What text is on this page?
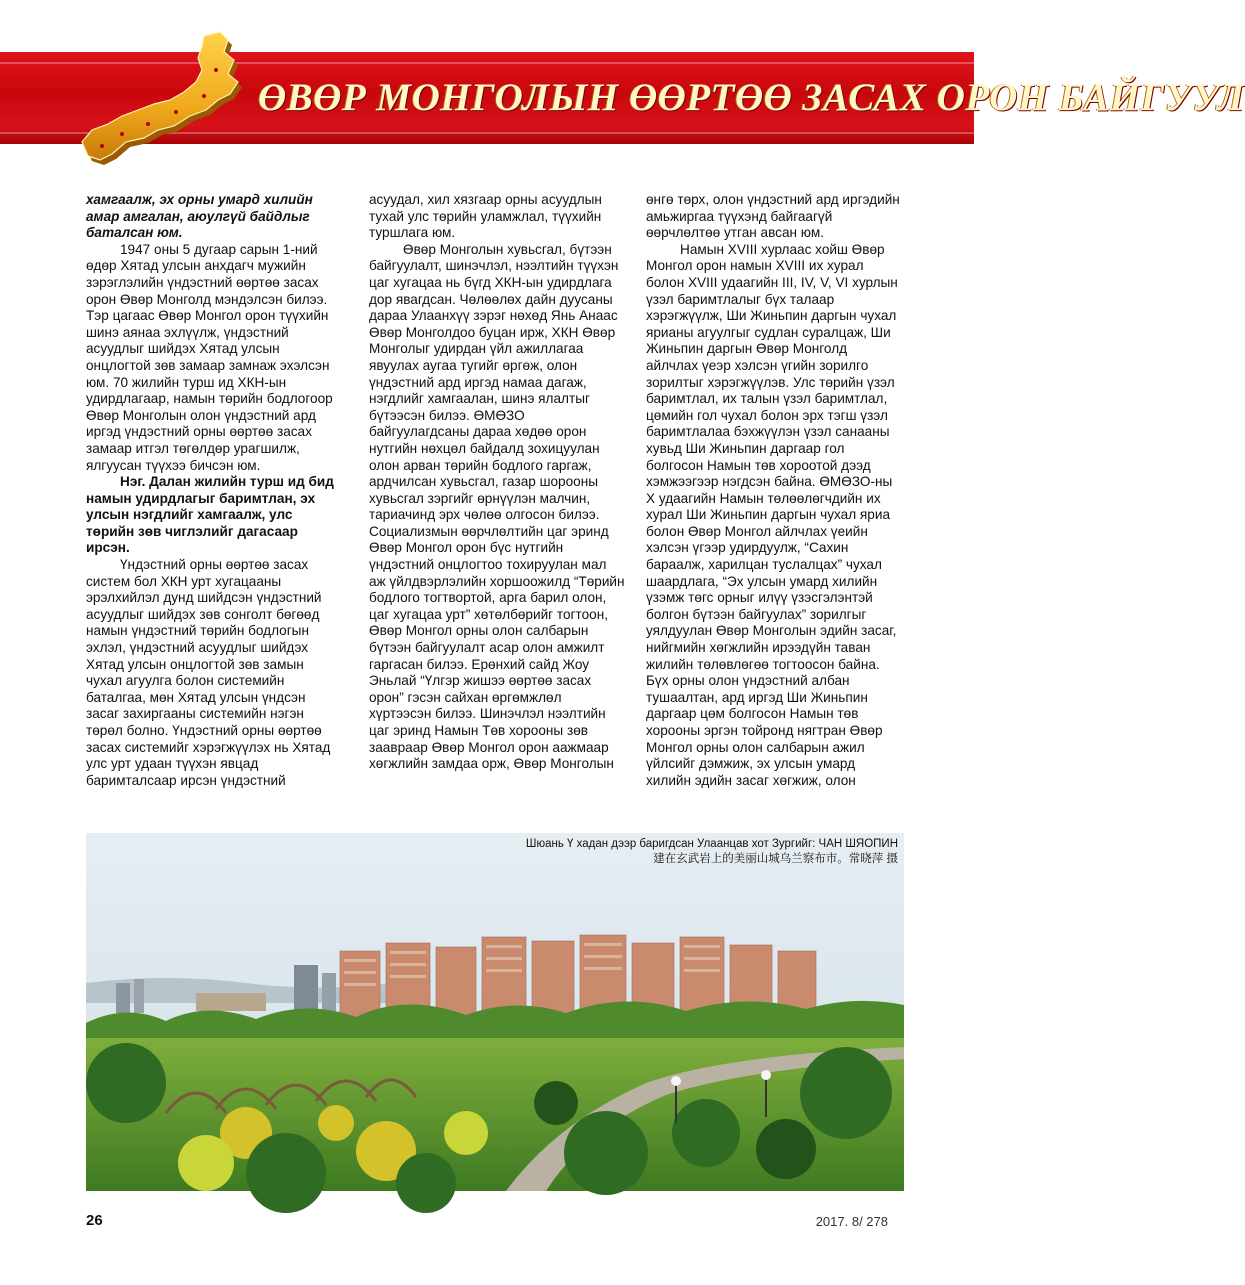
ӨВӨР МОНГОЛЫН ӨӨРТӨӨ ЗАСАХ ОРОН БАЙГУУЛ

хамгаалж, эх орны умард хилийн амар амгалан, аюулгүй байдлыг баталсан юм.

1947 оны 5 дугаар сарын 1-ний өдөр Хятад улсын анхдагч мужийн зэрэглэлийн үндэстний өөртөө засах орон Өвөр Монголд мэндэлсэн билээ. Тэр цагаас Өвөр Монгол орон түүхийн шинэ аянаа эхлүүлж, үндэстний асуудлыг шийдэх Хятад улсын онцлогтой зөв замаар замнаж эхэлсэн юм. 70 жилийн турш ид ХКН-ын удирдлагаар, намын төрийн бодлогоор Өвөр Монголын олон үндэстний ард иргэд үндэстний орны өөртөө засах замаар итгэл төгөлдөр урагшилж, ялгуусан түүхээ бичсэн юм.

Нэг. Далан жилийн турш ид бид намын удирдлагыг баримтлан, эх улсын нэгдлийг хамгаалж, улс төрийн зөв чиглэлийг дагасаар ирсэн.

Үндэстний орны өөртөө засах систем бол ХКН урт хугацааны эрэлхийлэл дунд шийдсэн үндэстний асуудлыг шийдэх зөв сонголт бөгөөд намын үндэстний төрийн бодлогын эхлэл, үндэстний асуудлыг шийдэх Хятад улсын онцлогтой зөв замын чухал агуулга болон системийн баталгаа, мөн Хятад улсын үндсэн засаг захиргааны системийн нэгэн төрөл болно. Үндэстний орны өөртөө засах системийг хэрэгжүүлэх нь Хятад улс урт удаан түүхэн явцад баримталсаар ирсэн үндэстний

асуудал, хил хязгаар орны асуудлын тухай улс төрийн уламжлал, түүхийн туршлага юм.

Өвөр Монголын хувьсгал, бүтээн байгуулалт, шинэчлэл, нээлтийн түүхэн цаг хугацаа нь бүгд ХКН-ын удирдлага дор явагдсан. Чөлөөлөх дайн дуусаны дараа Улаанхүү зэрэг нөхөд Янь Анаас Өвөр Монголдоо буцан ирж, ХКН Өвөр Монголыг удирдан үйл ажиллагаа явуулах аугаа тугийг өргөж, олон үндэстний ард иргэд намаа дагаж, нэгдлийг хамгаалан, шинэ ялалтыг бүтээсэн билээ. ӨМӨЗО байгуулагдсаны дараа хөдөө орон нутгийн нөхцөл байдалд зохицуулан олон арван төрийн бодлого гаргаж, ардчилсан хувьсгал, газар шорооны хувьсгал зэргийг өрнүүлэн малчин, тариачинд эрх чөлөө олгосон билээ. Социализмын өөрчлөлтийн цаг эринд Өвөр Монгол орон бүс нутгийн үндэстний онцлогтоо тохируулан мал аж үйлдвэрлэлийн хоршоожилд “Төрийн бодлого тогтвортой, арга барил олон, цаг хугацаа урт” хөтөлбөрийг тогтоон, Өвөр Монгол орны олон салбарын бүтээн байгуулалт асар олон амжилт гаргасан билээ. Ерөнхий сайд Жоу Эньлай “Үлгэр жишээ өөртөө засах орон” гэсэн сайхан өргөмжлөл хүртээсэн билээ. Шинэчлэл нээлтийн цаг эринд Намын Төв хорооны зөв заавраар Өвөр Монгол орон аажмаар хөгжлийн замдаа орж, Өвөр Монголын

өнгө төрх, олон үндэстний ард иргэдийн амьжиргаа түүхэнд байгаагүй өөрчлөлтөө утган авсан юм.

Намын XVIII хурлаас хойш Өвөр Монгол орон намын XVIII их хурал болон XVIII удаагийн III, IV, V, VI хурлын үзэл баримтлалыг бүх талаар хэрэгжүүлж, Ши Жиньпин даргын чухал ярианы агуулгыг судлан суралцаж, Ши Жиньпин даргын Өвөр Монголд айлчлах үеэр хэлсэн үгийн зорилго зорилтыг хэрэгжүүлэв. Улс төрийн үзэл баримтлал, их талын үзэл баримтлал, цөмийн гол чухал болон эрх тэгш үзэл баримтлалаа бэхжүүлэн үзэл санааны хувьд Ши Жиньпин даргаар гол болгосон Намын төв хороотой дээд хэмжээгээр нэгдсэн байна. ӨМӨЗО-ны X удаагийн Намын төлөөлөгчдийн их хурал Ши Жиньпин даргын чухал яриа болон Өвөр Монгол айлчлах үеийн хэлсэн үгээр удирдуулж, “Сахин бараалж, харилцан туслалцах” чухал шаардлага, “Эх улсын умард хилийн үзэмж төгс орныг илүү үзэсгэлэнтэй болгон бүтээн байгуулах” зорилгыг уялдуулан Өвөр Монголын эдийн засаг, нийгмийн хөгжлийн ирээдүйн таван жилийн төлөвлөгөө тогтоосон байна. Бүх орны олон үндэстний албан тушаалтан, ард иргэд Ши Жиньпин даргаар цөм болгосон Намын төв хорооны эргэн тойронд нягтран Өвөр Монгол орны олон салбарын ажил үйлсийг дэмжиж, эх улсын умард хилийн эдийн засаг хөгжиж, олон

Шюань Ү хадан дээр баригдсан Улаанцав хот Зургийг: ЧАН ШЯОПИН
建在玄武岩上的美丽山城乌兰察布市。常晓萍 摄
26	2017. 8/ 278
